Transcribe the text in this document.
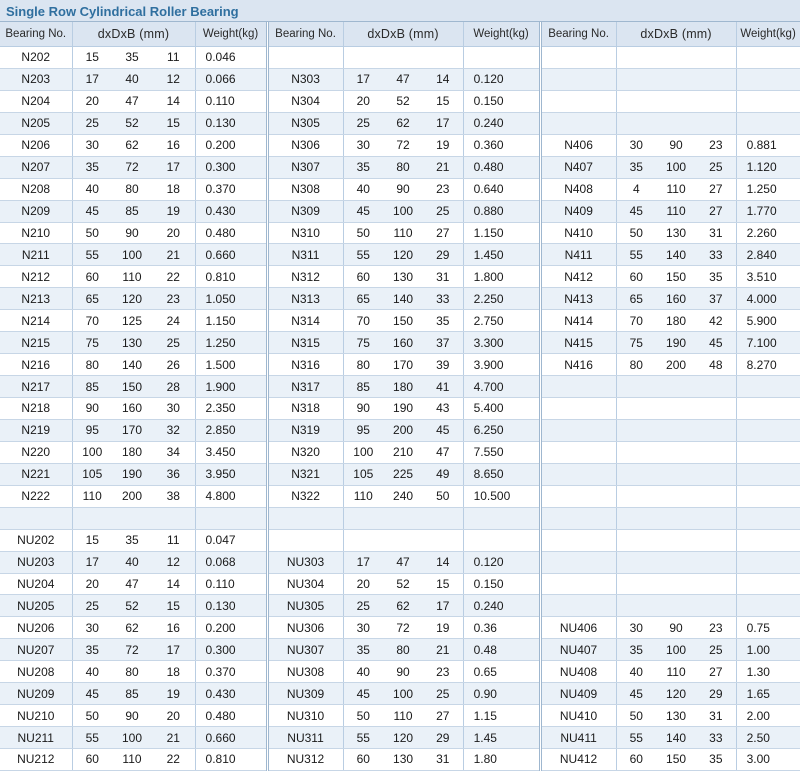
Single Row Cylindrical Roller Bearing
Bearing No.	dxDxB (mm)			Weight(kg)	Bearing No.	dxDxB (mm)			Weight(kg)	Bearing No.	dxDxB (mm)			Weight(kg)
N202	15	35	11	0.046										
N203	17	40	12	0.066	N303	17	47	14	0.120					
N204	20	47	14	0.110	N304	20	52	15	0.150					
N205	25	52	15	0.130	N305	25	62	17	0.240					
N206	30	62	16	0.200	N306	30	72	19	0.360	N406	30	90	23	0.881
N207	35	72	17	0.300	N307	35	80	21	0.480	N407	35	100	25	1.120
N208	40	80	18	0.370	N308	40	90	23	0.640	N408	4	110	27	1.250
N209	45	85	19	0.430	N309	45	100	25	0.880	N409	45	110	27	1.770
N210	50	90	20	0.480	N310	50	110	27	1.150	N410	50	130	31	2.260
N211	55	100	21	0.660	N311	55	120	29	1.450	N411	55	140	33	2.840
N212	60	110	22	0.810	N312	60	130	31	1.800	N412	60	150	35	3.510
N213	65	120	23	1.050	N313	65	140	33	2.250	N413	65	160	37	4.000
N214	70	125	24	1.150	N314	70	150	35	2.750	N414	70	180	42	5.900
N215	75	130	25	1.250	N315	75	160	37	3.300	N415	75	190	45	7.100
N216	80	140	26	1.500	N316	80	170	39	3.900	N416	80	200	48	8.270
N217	85	150	28	1.900	N317	85	180	41	4.700					
N218	90	160	30	2.350	N318	90	190	43	5.400					
N219	95	170	32	2.850	N319	95	200	45	6.250					
N220	100	180	34	3.450	N320	100	210	47	7.550					
N221	105	190	36	3.950	N321	105	225	49	8.650					
N222	110	200	38	4.800	N322	110	240	50	10.500					

NU202	15	35	11	0.047										
NU203	17	40	12	0.068	NU303	17	47	14	0.120					
NU204	20	47	14	0.110	NU304	20	52	15	0.150					
NU205	25	52	15	0.130	NU305	25	62	17	0.240					
NU206	30	62	16	0.200	NU306	30	72	19	0.36	NU406	30	90	23	0.75
NU207	35	72	17	0.300	NU307	35	80	21	0.48	NU407	35	100	25	1.00
NU208	40	80	18	0.370	NU308	40	90	23	0.65	NU408	40	110	27	1.30
NU209	45	85	19	0.430	NU309	45	100	25	0.90	NU409	45	120	29	1.65
NU210	50	90	20	0.480	NU310	50	110	27	1.15	NU410	50	130	31	2.00
NU211	55	100	21	0.660	NU311	55	120	29	1.45	NU411	55	140	33	2.50
NU212	60	110	22	0.810	NU312	60	130	31	1.80	NU412	60	150	35	3.00
